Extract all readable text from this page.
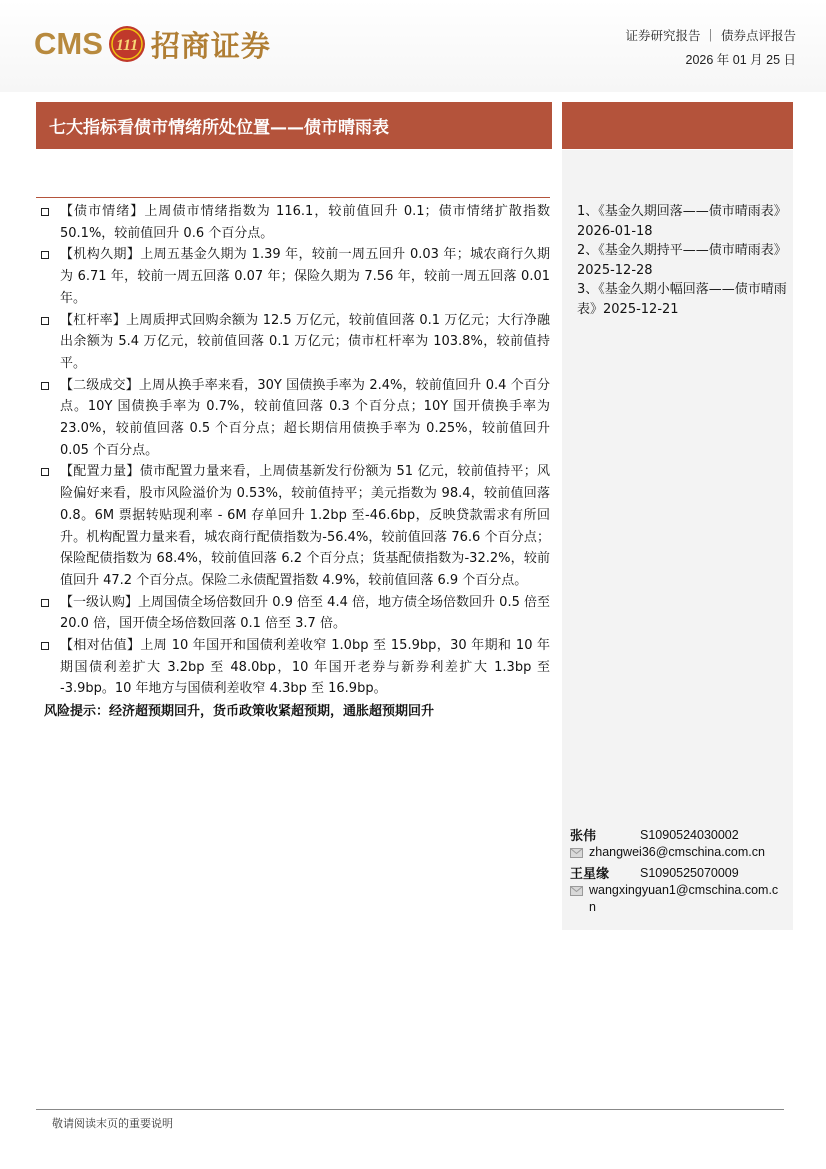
CMS 111 招商证券	证券研究报告 ｜ 债券点评报告
2026 年 01 月 25 日
七大指标看债市情绪所处位置——债市晴雨表
1、《基金久期回落——债市晴雨表》2026-01-18
2、《基金久期持平——债市晴雨表》2025-12-28
3、《基金久期小幅回落——债市晴雨表》2025-12-21
张伟	S1090524030002
zhangwei36@cmschina.com.cn
王星缘	S1090525070009
wangxingyuan1@cmschina.com.cn
【债市情绪】上周债市情绪指数为 116.1，较前值回升 0.1；债市情绪扩散指数 50.1%，较前值回升 0.6 个百分点。
【机构久期】上周五基金久期为 1.39 年，较前一周五回升 0.03 年；城农商行久期为 6.71 年，较前一周五回落 0.07 年；保险久期为 7.56 年，较前一周五回落 0.01 年。
【杠杆率】上周质押式回购余额为 12.5 万亿元，较前值回落 0.1 万亿元；大行净融出余额为 5.4 万亿元，较前值回落 0.1 万亿元；债市杠杆率为 103.8%，较前值持平。
【二级成交】上周从换手率来看，30Y 国债换手率为 2.4%，较前值回升 0.4 个百分点。10Y 国债换手率为 0.7%，较前值回落 0.3 个百分点；10Y 国开债换手率为 23.0%，较前值回落 0.5 个百分点；超长期信用债换手率为 0.25%，较前值回升 0.05 个百分点。
【配置力量】债市配置力量来看，上周债基新发行份额为 51 亿元，较前值持平；风险偏好来看，股市风险溢价为 0.53%，较前值持平；美元指数为 98.4，较前值回落 0.8。6M 票据转贴现利率 - 6M 存单回升 1.2bp 至-46.6bp，反映贷款需求有所回升。机构配置力量来看，城农商行配债指数为-56.4%，较前值回落 76.6 个百分点；保险配债指数为 68.4%，较前值回落 6.2 个百分点；货基配债指数为-32.2%，较前值回升 47.2 个百分点。保险二永债配置指数 4.9%，较前值回落 6.9 个百分点。
【一级认购】上周国债全场倍数回升 0.9 倍至 4.4 倍，地方债全场倍数回升 0.5 倍至 20.0 倍，国开债全场倍数回落 0.1 倍至 3.7 倍。
【相对估值】上周 10 年国开和国债利差收窄 1.0bp 至 15.9bp，30 年期和 10 年期国债利差扩大 3.2bp 至 48.0bp，10 年国开老券与新券利差扩大 1.3bp 至 -3.9bp。10 年地方与国债利差收窄 4.3bp 至 16.9bp。

风险提示：经济超预期回升，货币政策收紧超预期，通胀超预期回升

敬请阅读末页的重要说明
